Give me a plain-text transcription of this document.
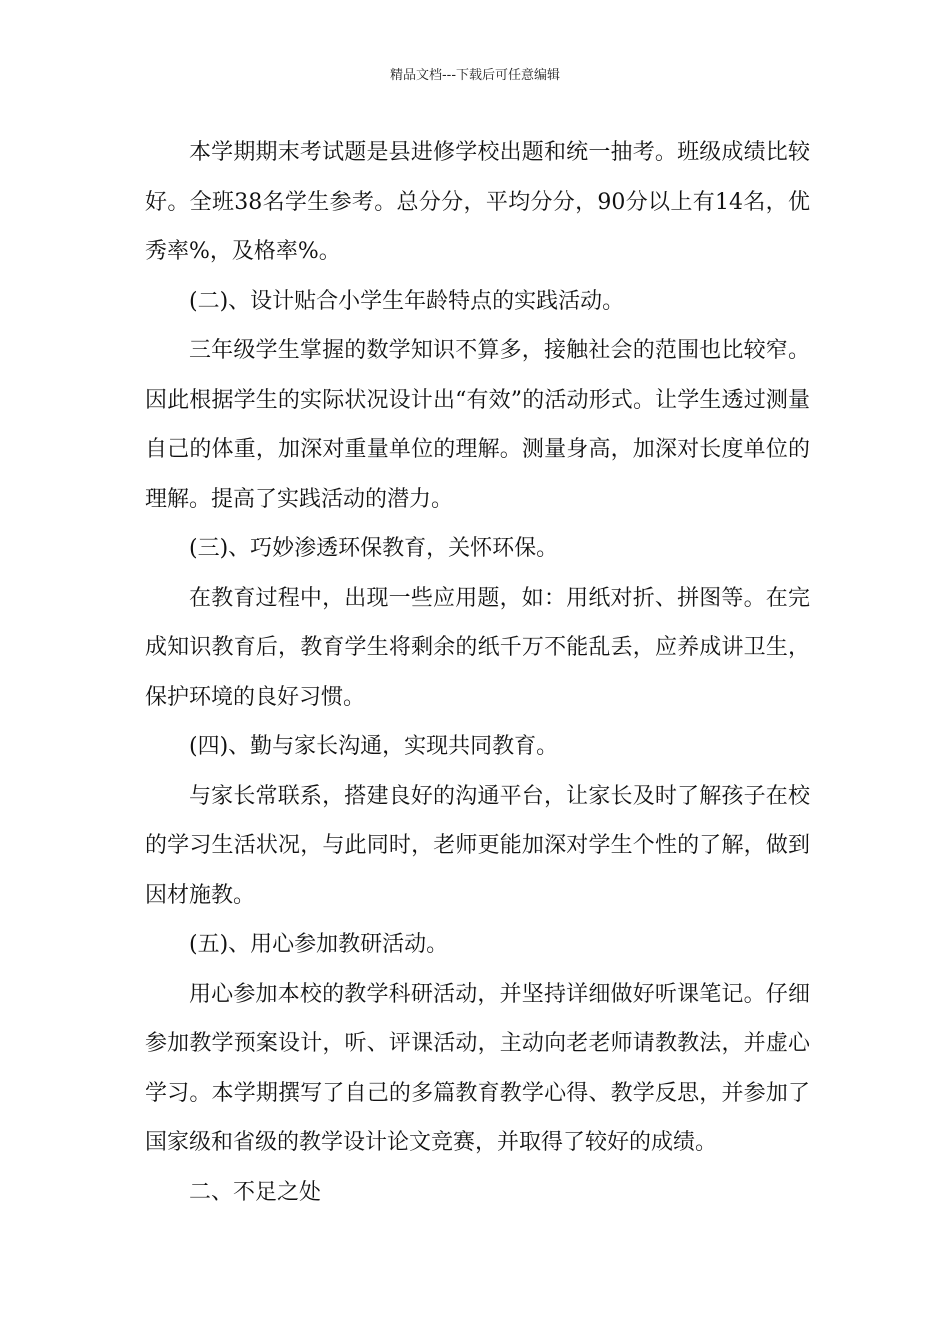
精品文档---下载后可任意编辑

本学期期末考试题是县进修学校出题和统一抽考。班级成绩比较好。全班38名学生参考。总分分，平均分分，90分以上有14名，优秀率%，及格率%。

(二)、设计贴合小学生年龄特点的实践活动。

三年级学生掌握的数学知识不算多，接触社会的范围也比较窄。因此根据学生的实际状况设计出“有效”的活动形式。让学生透过测量自己的体重，加深对重量单位的理解。测量身高，加深对长度单位的理解。提高了实践活动的潜力。

(三)、巧妙渗透环保教育，关怀环保。

在教育过程中，出现一些应用题，如：用纸对折、拼图等。在完成知识教育后，教育学生将剩余的纸千万不能乱丢，应养成讲卫生，保护环境的良好习惯。

(四)、勤与家长沟通，实现共同教育。

与家长常联系，搭建良好的沟通平台，让家长及时了解孩子在校的学习生活状况，与此同时，老师更能加深对学生个性的了解，做到因材施教。

(五)、用心参加教研活动。

用心参加本校的教学科研活动，并坚持详细做好听课笔记。仔细参加教学预案设计，听、评课活动，主动向老老师请教教法，并虚心学习。本学期撰写了自己的多篇教育教学心得、教学反思，并参加了国家级和省级的教学设计论文竞赛，并取得了较好的成绩。

二、不足之处
